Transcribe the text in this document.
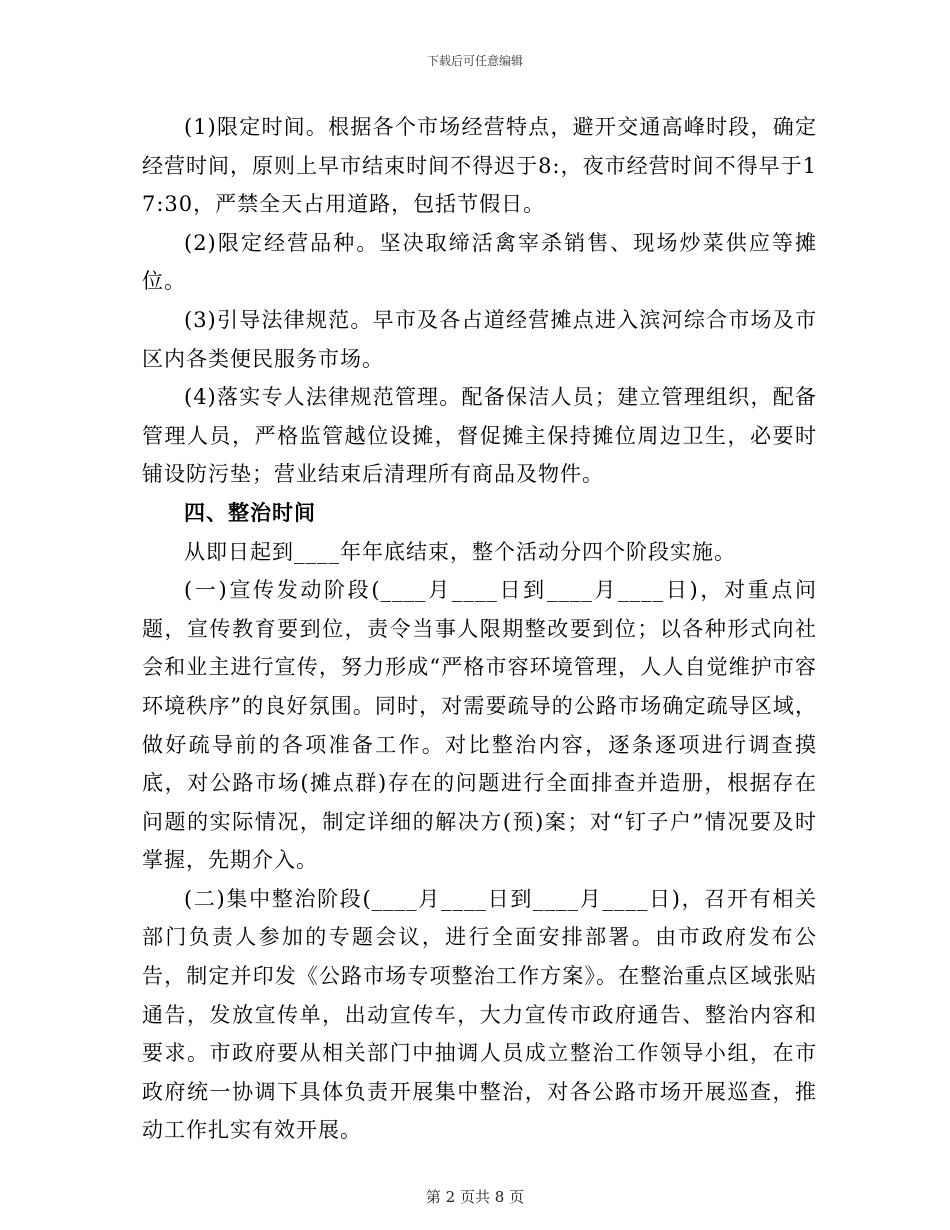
下载后可任意编辑

(1)限定时间。根据各个市场经营特点，避开交通高峰时段，确定经营时间，原则上早市结束时间不得迟于8:，夜市经营时间不得早于17:30，严禁全天占用道路，包括节假日。

(2)限定经营品种。坚决取缔活禽宰杀销售、现场炒菜供应等摊位。

(3)引导法律规范。早市及各占道经营摊点进入滨河综合市场及市区内各类便民服务市场。

(4)落实专人法律规范管理。配备保洁人员；建立管理组织，配备管理人员，严格监管越位设摊，督促摊主保持摊位周边卫生，必要时铺设防污垫；营业结束后清理所有商品及物件。

四、整治时间

从即日起到____年年底结束，整个活动分四个阶段实施。

(一)宣传发动阶段(____月____日到____月____日)，对重点问题，宣传教育要到位，责令当事人限期整改要到位；以各种形式向社会和业主进行宣传，努力形成“严格市容环境管理，人人自觉维护市容环境秩序”的良好氛围。同时，对需要疏导的公路市场确定疏导区域，做好疏导前的各项准备工作。对比整治内容，逐条逐项进行调查摸底，对公路市场(摊点群)存在的问题进行全面排查并造册，根据存在问题的实际情况，制定详细的解决方(预)案；对“钉子户”情况要及时掌握，先期介入。

(二)集中整治阶段(____月____日到____月____日)，召开有相关部门负责人参加的专题会议，进行全面安排部署。由市政府发布公告，制定并印发《公路市场专项整治工作方案》。在整治重点区域张贴通告，发放宣传单，出动宣传车，大力宣传市政府通告、整治内容和要求。市政府要从相关部门中抽调人员成立整治工作领导小组，在市政府统一协调下具体负责开展集中整治，对各公路市场开展巡查，推动工作扎实有效开展。

第 2 页共 8 页
